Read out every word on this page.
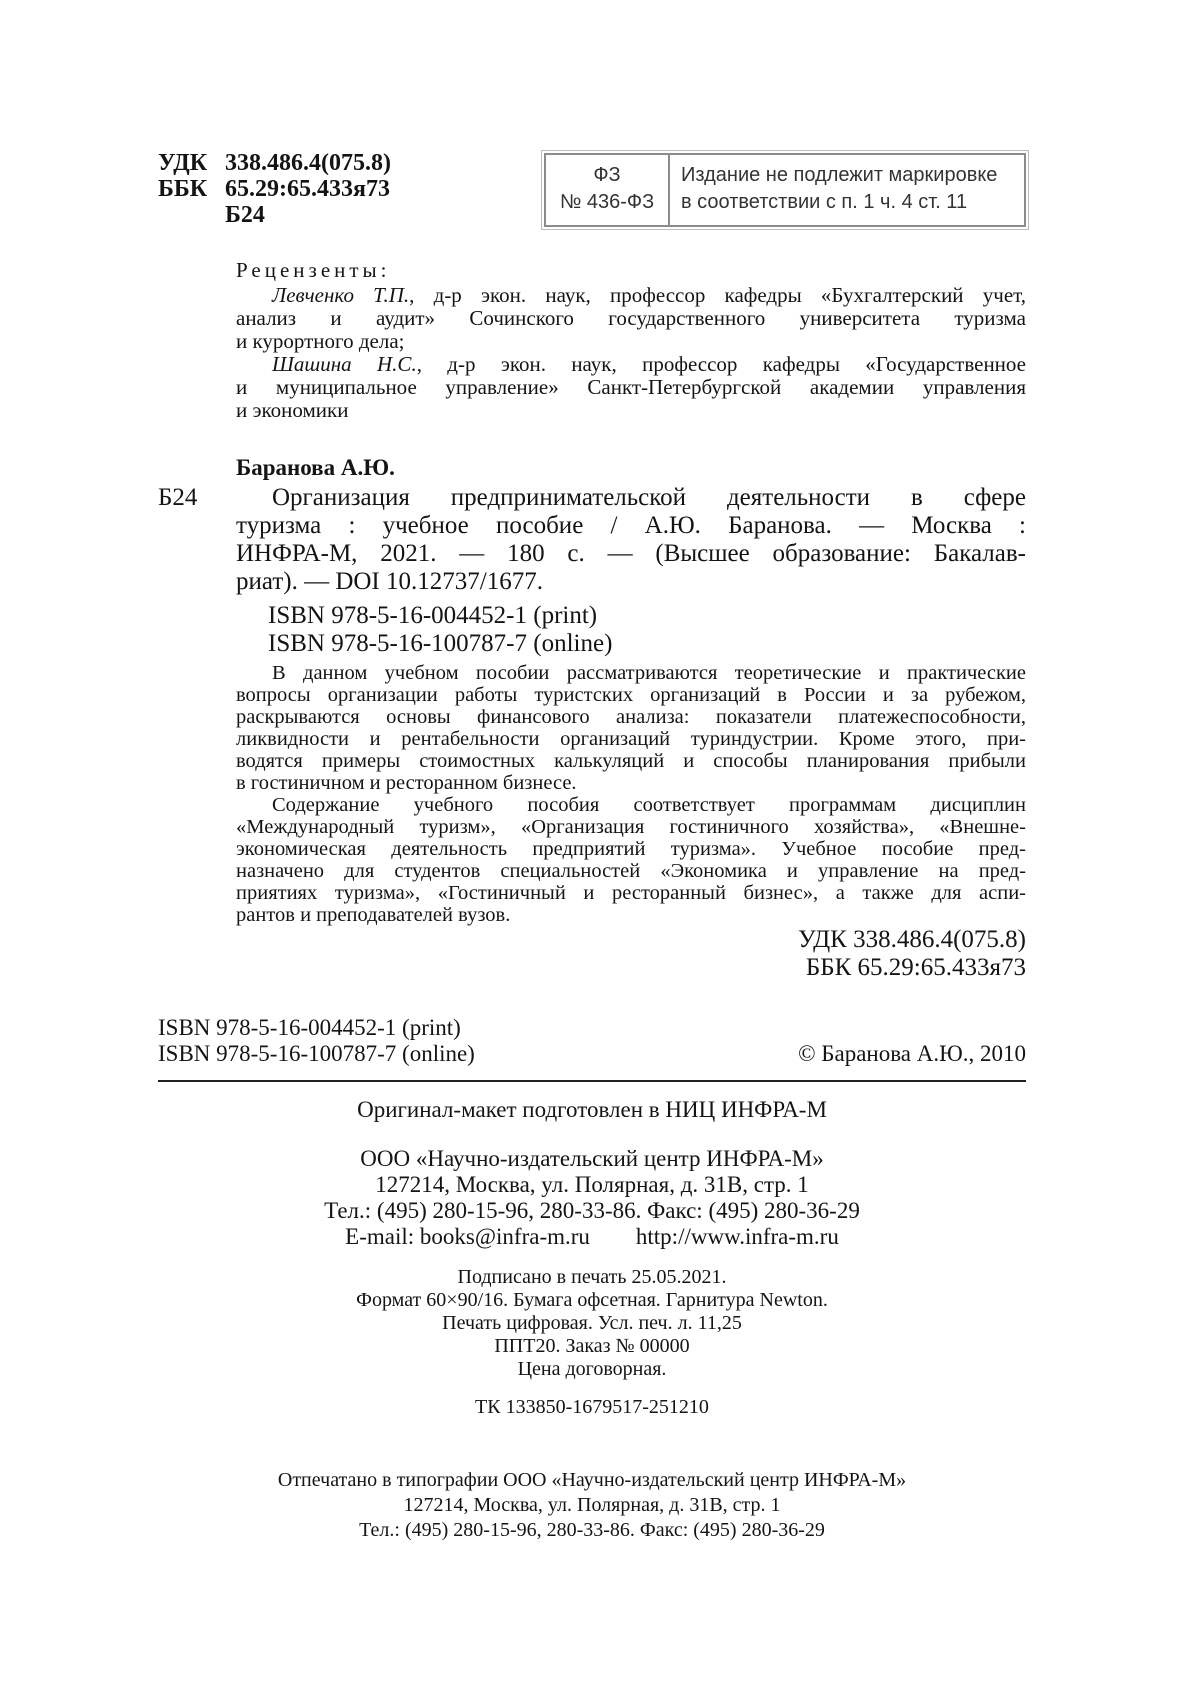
УДК 338.486.4(075.8)
ББК 65.29:65.433я73
Б24
ФЗ
№ 436-ФЗ
Издание не подлежит маркировке
в соответствии с п. 1 ч. 4 ст. 11
Рецензенты:
Левченко Т.П., д-р экон. наук, профессор кафедры «Бухгалтерский учет,
анализ и аудит» Сочинского государственного университета туризма
и курортного дела;
Шашина Н.С., д-р экон. наук, профессор кафедры «Государственное
и муниципальное управление» Санкт-Петербургской академии управления
и экономики
Баранова А.Ю.
Б24	Организация предпринимательской деятельности в сфере
туризма : учебное пособие / А.Ю. Баранова. — Москва :
ИНФРА-М, 2021. — 180 с. — (Высшее образование: Бакалав-
риат). — DOI 10.12737/1677.
ISBN 978-5-16-004452-1 (print)
ISBN 978-5-16-100787-7 (online)
В данном учебном пособии рассматриваются теоретические и практические
вопросы организации работы туристских организаций в России и за рубежом,
раскрываются основы финансового анализа: показатели платежеспособности,
ликвидности и рентабельности организаций туриндустрии. Кроме этого, при-
водятся примеры стоимостных калькуляций и способы планирования прибыли
в гостиничном и ресторанном бизнесе.
Содержание учебного пособия соответствует программам дисциплин
«Международный туризм», «Организация гостиничного хозяйства», «Внешне-
экономическая деятельность предприятий туризма». Учебное пособие пред-
назначено для студентов специальностей «Экономика и управление на пред-
приятиях туризма», «Гостиничный и ресторанный бизнес», а также для аспи-
рантов и преподавателей вузов.
УДК 338.486.4(075.8)
ББК 65.29:65.433я73
ISBN 978-5-16-004452-1 (print)
ISBN 978-5-16-100787-7 (online)	© Баранова А.Ю., 2010
Оригинал-макет подготовлен в НИЦ ИНФРА-М
ООО «Научно-издательский центр ИНФРА-М»
127214, Москва, ул. Полярная, д. 31В, стр. 1
Тел.: (495) 280-15-96, 280-33-86. Факс: (495) 280-36-29
E-mail: books@infra-m.ru http://www.infra-m.ru
Подписано в печать 25.05.2021.
Формат 60×90/16. Бумага офсетная. Гарнитура Newton.
Печать цифровая. Усл. печ. л. 11,25
ППТ20. Заказ № 00000
Цена договорная.
ТК 133850-1679517-251210
Отпечатано в типографии ООО «Научно-издательский центр ИНФРА-М»
127214, Москва, ул. Полярная, д. 31В, стр. 1
Тел.: (495) 280-15-96, 280-33-86. Факс: (495) 280-36-29
